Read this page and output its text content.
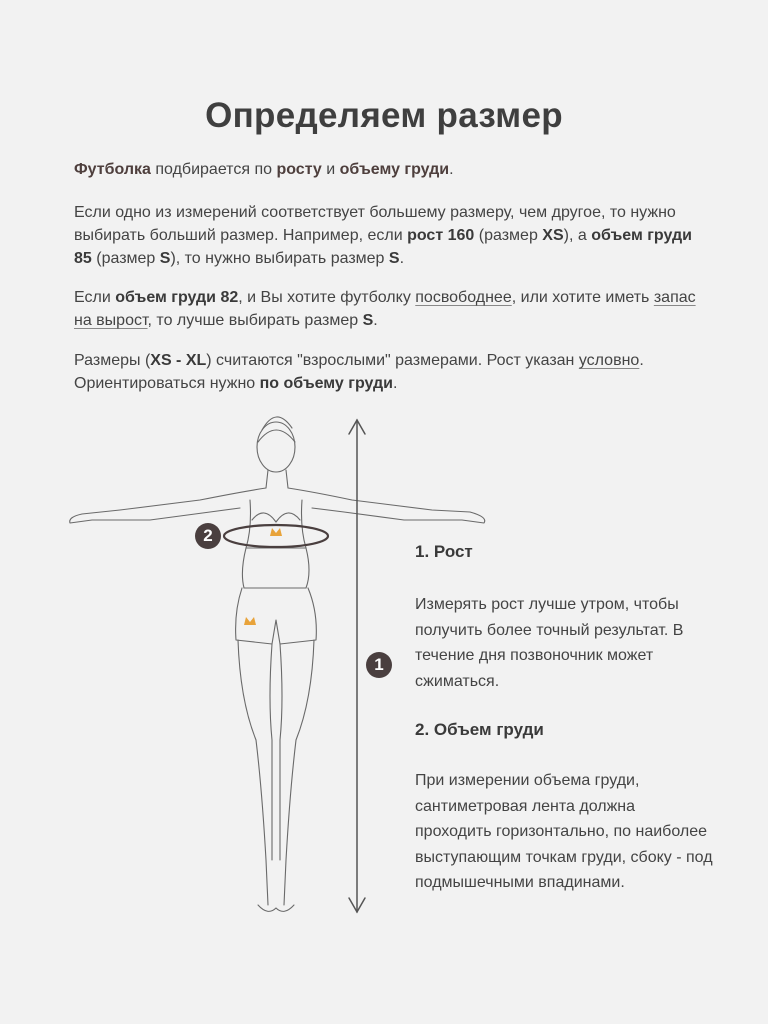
Определяем размер
Футболка подбирается по росту и объему груди.
Если одно из измерений соответствует большему размеру, чем другое, то нужно выбирать больший размер. Например, если рост 160 (размер XS), а объем груди 85 (размер S), то нужно выбирать размер S.
Если объем груди 82, и Вы хотите футболку посвободнее, или хотите иметь запас на вырост, то лучше выбирать размер S.
Размеры (XS - XL) считаются "взрослыми" размерами. Рост указан условно. Ориентироваться нужно по объему груди.
1
2
1. Рост
Измерять рост лучше утром, чтобы получить более точный результат. В течение дня позвоночник может сжиматься.
2. Объем груди
При измерении объема груди, сантиметровая лента должна проходить горизонтально, по наиболее выступающим точкам груди, сбоку - под подмышечными впадинами.
